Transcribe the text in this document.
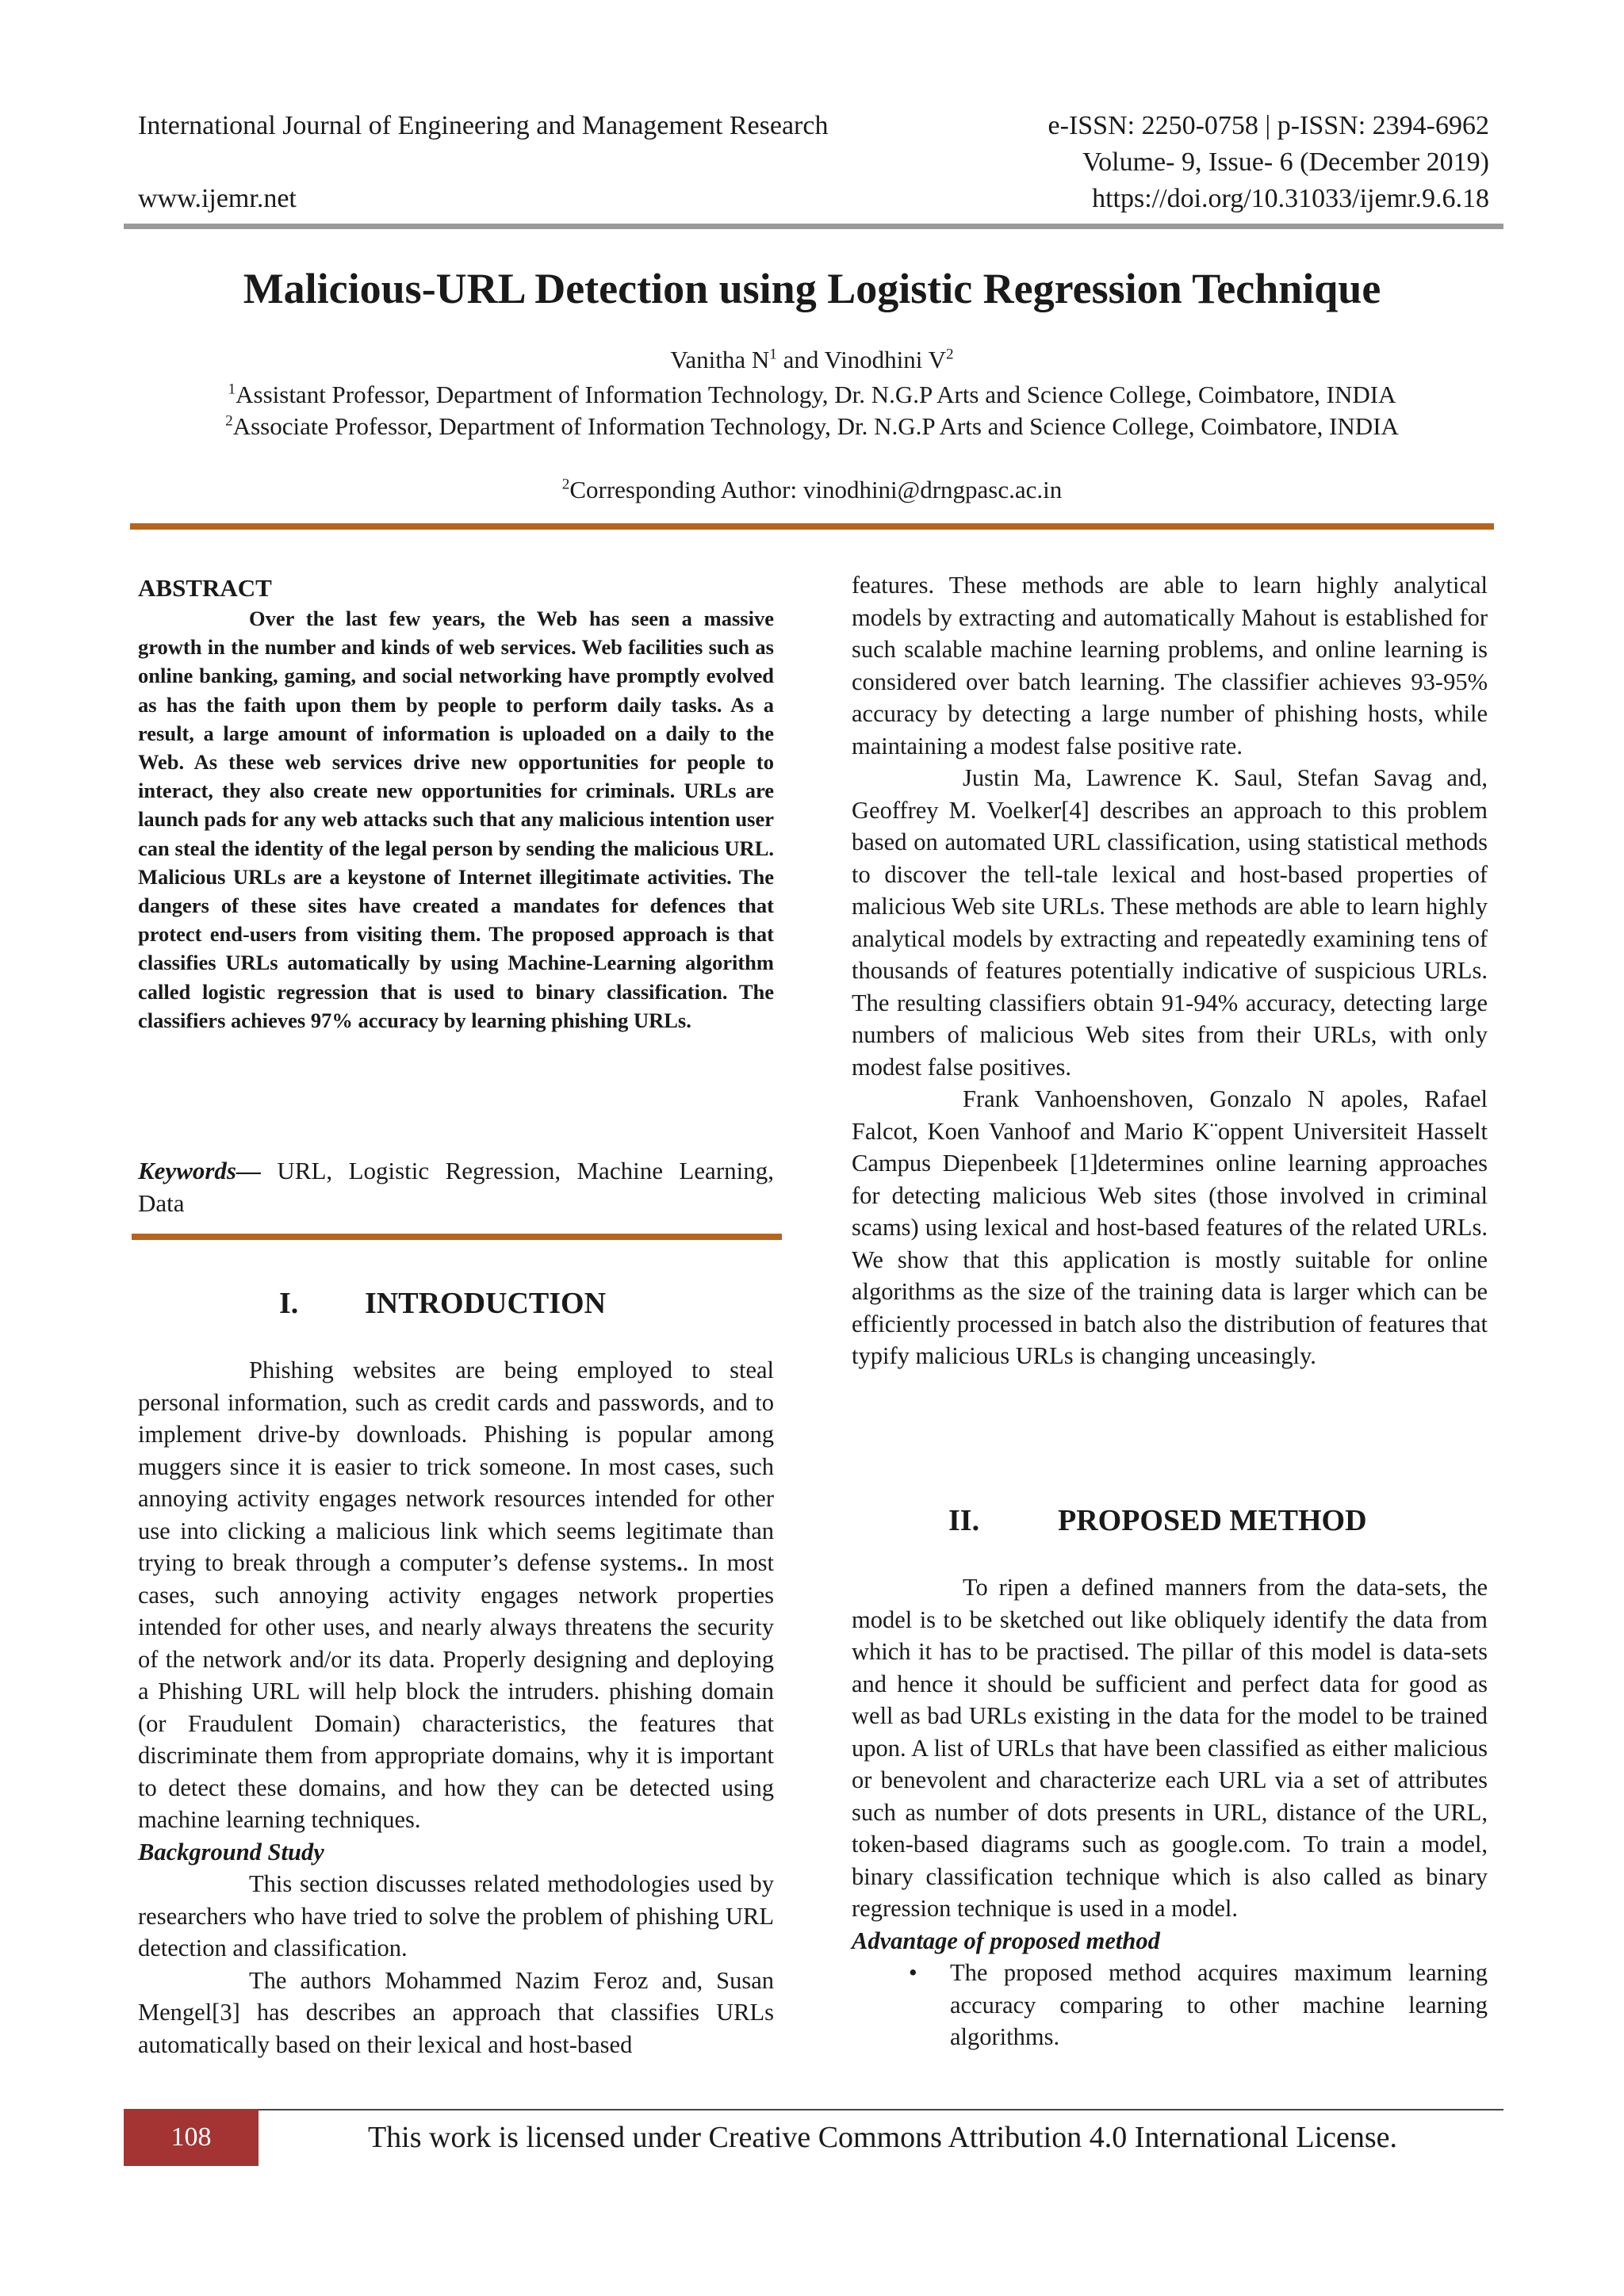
International Journal of Engineering and Management Research	e-ISSN: 2250-0758 | p-ISSN: 2394-6962
Volume- 9, Issue- 6 (December 2019)
www.ijemr.net	https://doi.org/10.31033/ijemr.9.6.18
Malicious-URL Detection using Logistic Regression Technique
Vanitha $N^1$ and Vinodhini $V^2$
$^1$Assistant Professor, Department of Information Technology, Dr. N.G.P Arts and Science College, Coimbatore, INDIA
$^2$Associate Professor, Department of Information Technology, Dr. N.G.P Arts and Science College, Coimbatore, INDIA
$^2$Corresponding Author: vinodhini@drngpasc.ac.in

ABSTRACT

Over the last few years, the Web has seen a massive growth in the number and kinds of web services. Web facilities such as online banking, gaming, and social networking have promptly evolved as has the faith upon them by people to perform daily tasks. As a result, a large amount of information is uploaded on a daily to the Web. As these web services drive new opportunities for people to interact, they also create new opportunities for criminals. URLs are launch pads for any web attacks such that any malicious intention user can steal the identity of the legal person by sending the malicious URL. Malicious URLs are a keystone of Internet illegitimate activities. The dangers of these sites have created a mandates for defences that protect end-users from visiting them. The proposed approach is that classifies URLs automatically by using Machine-Learning algorithm called logistic regression that is used to binary classification. The classifiers achieves 97% accuracy by learning phishing URLs.

Keywords— URL, Logistic Regression, Machine Learning, Data

I. INTRODUCTION

Phishing websites are being employed to steal personal information, such as credit cards and passwords, and to implement drive-by downloads. Phishing is popular among muggers since it is easier to trick someone. In most cases, such annoying activity engages network resources intended for other use into clicking a malicious link which seems legitimate than trying to break through a computer’s defense systems.. In most cases, such annoying activity engages network properties intended for other uses, and nearly always threatens the security of the network and/or its data. Properly designing and deploying a Phishing URL will help block the intruders. phishing domain (or Fraudulent Domain) characteristics, the features that discriminate them from appropriate domains, why it is important to detect these domains, and how they can be detected using machine learning techniques.

Background Study

This section discusses related methodologies used by researchers who have tried to solve the problem of phishing URL detection and classification.

The authors Mohammed Nazim Feroz and, Susan Mengel[3] has describes an approach that classifies URLs automatically based on their lexical and host-based

features. These methods are able to learn highly analytical models by extracting and automatically Mahout is established for such scalable machine learning problems, and online learning is considered over batch learning. The classifier achieves 93-95% accuracy by detecting a large number of phishing hosts, while maintaining a modest false positive rate.

Justin Ma, Lawrence K. Saul, Stefan Savag and, Geoffrey M. Voelker[4] describes an approach to this problem based on automated URL classification, using statistical methods to discover the tell-tale lexical and host-based properties of malicious Web site URLs. These methods are able to learn highly analytical models by extracting and repeatedly examining tens of thousands of features potentially indicative of suspicious URLs. The resulting classifiers obtain 91-94% accuracy, detecting large numbers of malicious Web sites from their URLs, with only modest false positives.

Frank Vanhoenshoven, Gonzalo N apoles, Rafael Falcot, Koen Vanhoof and Mario K¨oppent Universiteit Hasselt Campus Diepenbeek [1]determines online learning approaches for detecting malicious Web sites (those involved in criminal scams) using lexical and host-based features of the related URLs. We show that this application is mostly suitable for online algorithms as the size of the training data is larger which can be efficiently processed in batch also the distribution of features that typify malicious URLs is changing unceasingly.

II.	PROPOSED METHOD

To ripen a defined manners from the data-sets, the model is to be sketched out like obliquely identify the data from which it has to be practised. The pillar of this model is data-sets and hence it should be sufficient and perfect data for good as well as bad URLs existing in the data for the model to be trained upon. A list of URLs that have been classified as either malicious or benevolent and characterize each URL via a set of attributes such as number of dots presents in URL, distance of the URL, token-based diagrams such as google.com. To train a model, binary classification technique which is also called as binary regression technique is used in a model.

Advantage of proposed method

• The proposed method acquires maximum learning accuracy comparing to other machine learning algorithms.
108	This work is licensed under Creative Commons Attribution 4.0 International License.
